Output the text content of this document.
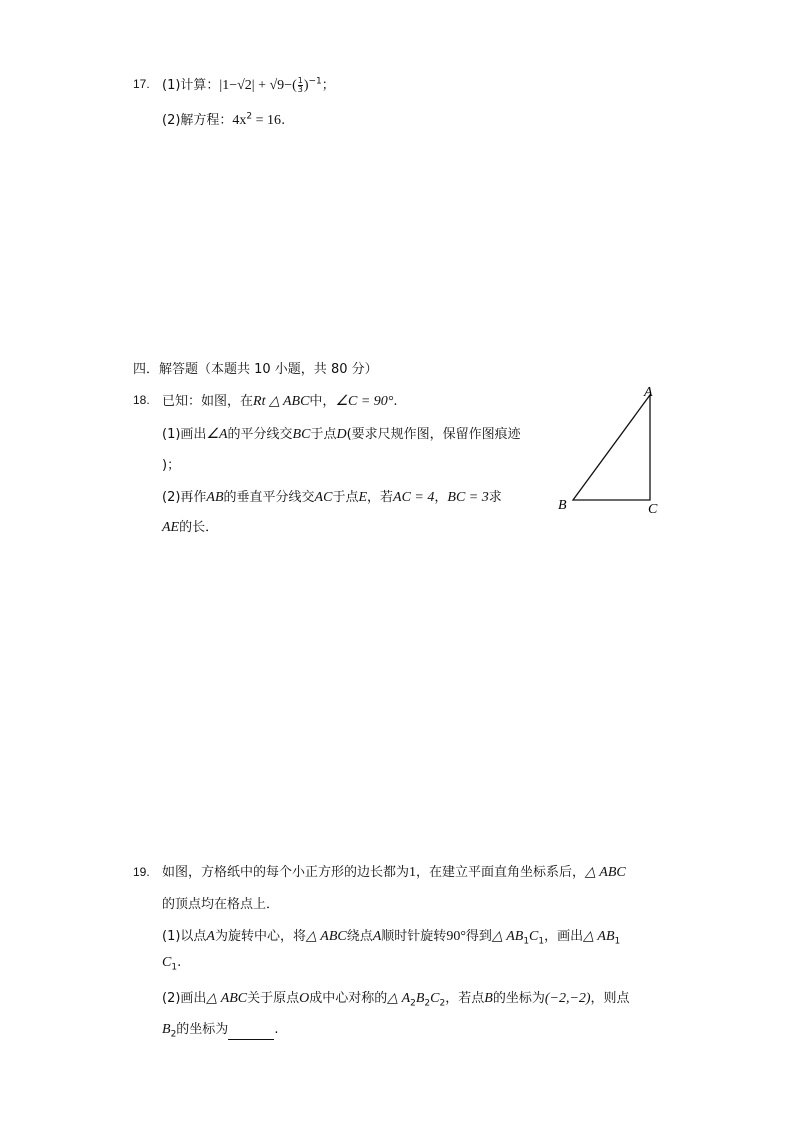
17. (1)计算：$|1-√2| + √9-( \frac{1}{3} )^{-1}$；
(2)解方程：$4x^2 = 16$.
四．解答题（本题共 10 小题，共 80 分）
18. 已知：如图，在Rt △ ABC中，∠C = 90°.
(1)画出∠A的平分线交BC于点D(要求尺规作图，保留作图痕迹
)；
(2)再作AB的垂直平分线交AC于点E，若AC = 4，BC = 3求
AE的长．
A
B	C
19. 如图，方格纸中的每个小正方形的边长都为1，在建立平面直角坐标系后，△ ABC
的顶点均在格点上．
(1)以点A为旋转中心，将△ ABC绕点A顺时针旋转90°得到△ $AB_1C_1$，画出△ $AB_1$
$C_1$.
(2)画出△ ABC关于原点O成中心对称的△ $A_2B_2C_2$，若点B的坐标为(−2,−2)，则点
$B_2$的坐标为	.
